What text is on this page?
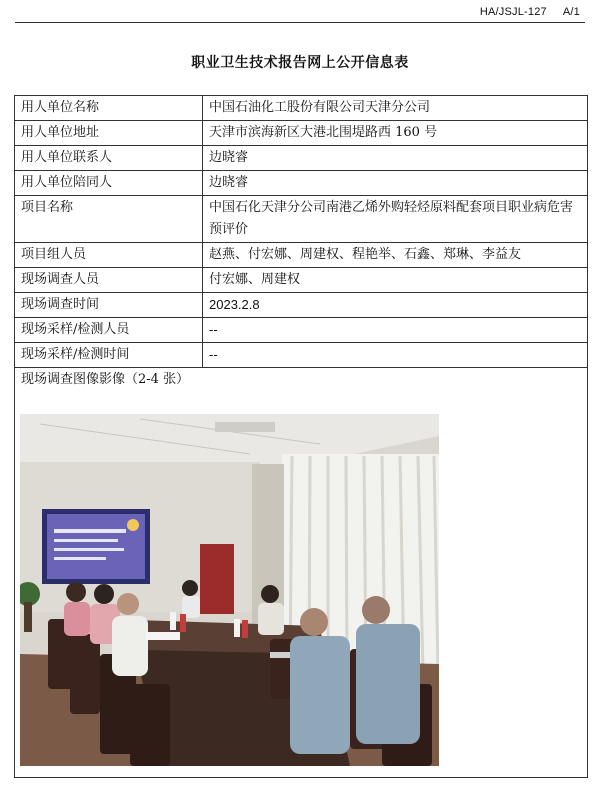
HA/JSJL-127 A/1
职业卫生技术报告网上公开信息表
用人单位名称	中国石油化工股份有限公司天津分公司
用人单位地址	天津市滨海新区大港北围堤路西 160 号
用人单位联系人	边晓睿
用人单位陪同人	边晓睿
项目名称	中国石化天津分公司南港乙烯外购轻烃原料配套项目职业病危害预评价
项目组人员	赵燕、付宏娜、周建权、程艳举、石鑫、郑琳、李益友
现场调查人员	付宏娜、周建权
现场调查时间	2023.2.8
现场采样/检测人员	--
现场采样/检测时间	--

现场调查图像影像（2-4 张）	
